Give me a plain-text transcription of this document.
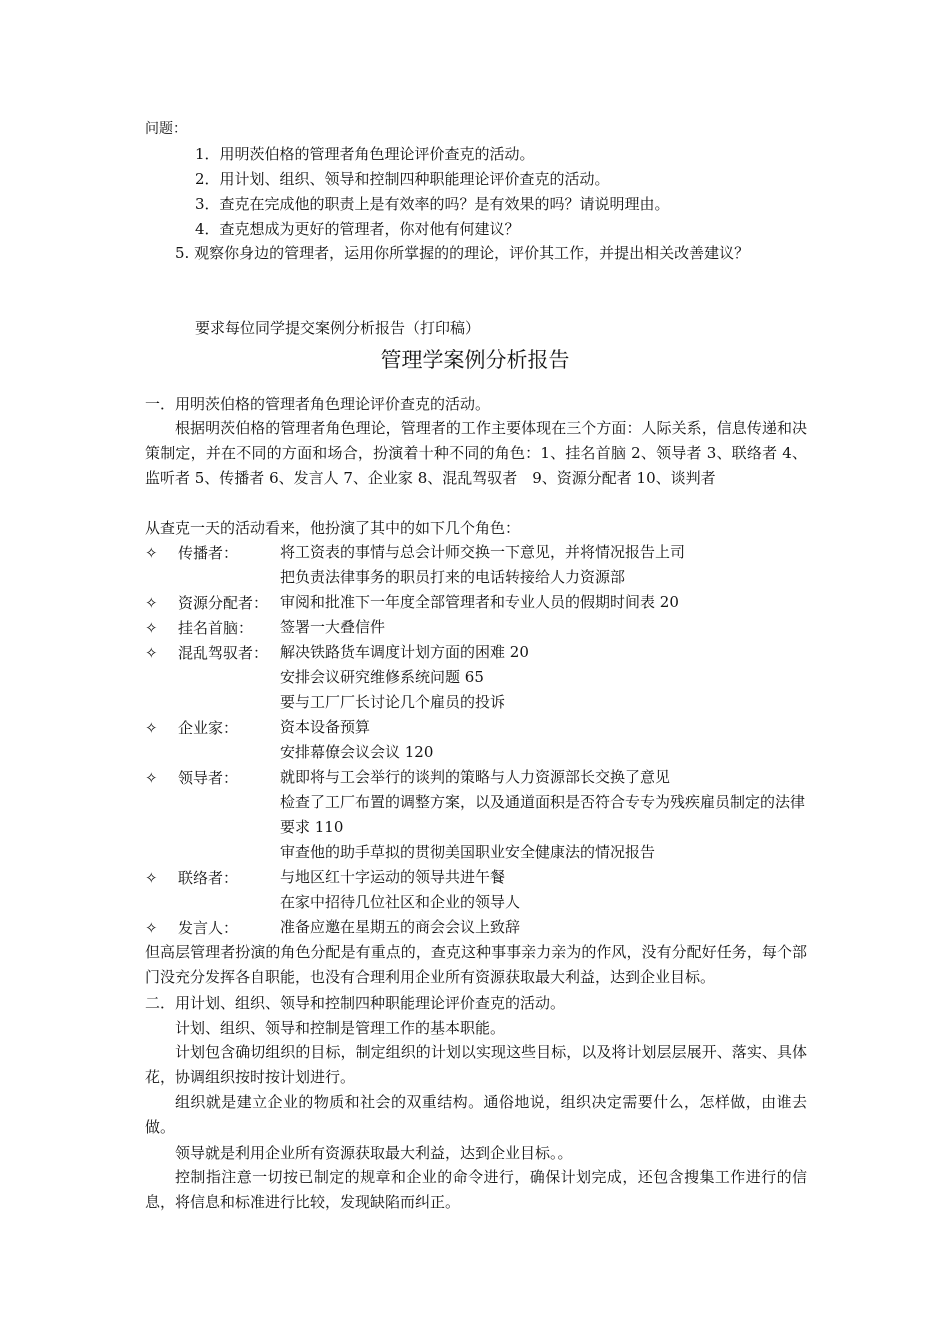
问题：
1．用明茨伯格的管理者角色理论评价查克的活动。
2．用计划、组织、领导和控制四种职能理论评价查克的活动。
3．查克在完成他的职责上是有效率的吗？是有效果的吗？请说明理由。
4．查克想成为更好的管理者，你对他有何建议？
5. 观察你身边的管理者，运用你所掌握的的理论，评价其工作，并提出相关改善建议？
要求每位同学提交案例分析报告（打印稿）
管理学案例分析报告
一．用明茨伯格的管理者角色理论评价查克的活动。
根据明茨伯格的管理者角色理论，管理者的工作主要体现在三个方面：人际关系，信息传递和决策制定，并在不同的方面和场合，扮演着十种不同的角色：1、挂名首脑 2、领导者 3、联络者 4、监听者 5、传播者 6、发言人 7、企业家 8、混乱驾驭者　9、资源分配者 10、谈判者
从查克一天的活动看来，他扮演了其中的如下几个角色：
✧ 传播者：	将工资表的事情与总会计师交换一下意见，并将情况报告上司
把负责法律事务的职员打来的电话转接给人力资源部
✧ 资源分配者： 审阅和批准下一年度全部管理者和专业人员的假期时间表 20
✧ 挂名首脑： 签署一大叠信件
✧ 混乱驾驭者： 解决铁路货车调度计划方面的困难 20
安排会议研究维修系统问题 65
要与工厂厂长讨论几个雇员的投诉
✧ 企业家：	资本设备预算
安排幕僚会议会议 120
✧ 领导者：	就即将与工会举行的谈判的策略与人力资源部长交换了意见
检查了工厂布置的调整方案，以及通道面积是否符合专专为残疾雇员制定的法律要求 110
审查他的助手草拟的贯彻美国职业安全健康法的情况报告
✧ 联络者：	与地区红十字运动的领导共进午餐
在家中招待几位社区和企业的领导人
✧ 发言人：	准备应邀在星期五的商会会议上致辞
但高层管理者扮演的角色分配是有重点的，查克这种事事亲力亲为的作风，没有分配好任务，每个部门没充分发挥各自职能，也没有合理利用企业所有资源获取最大利益，达到企业目标。
二．用计划、组织、领导和控制四种职能理论评价查克的活动。
计划、组织、领导和控制是管理工作的基本职能。
计划包含确切组织的目标，制定组织的计划以实现这些目标，以及将计划层层展开、落实、具体花，协调组织按时按计划进行。
组织就是建立企业的物质和社会的双重结构。通俗地说，组织决定需要什么，怎样做，由谁去做。
领导就是利用企业所有资源获取最大利益，达到企业目标。。
控制指注意一切按已制定的规章和企业的命令进行，确保计划完成，还包含搜集工作进行的信息，将信息和标准进行比较，发现缺陷而纠正。
